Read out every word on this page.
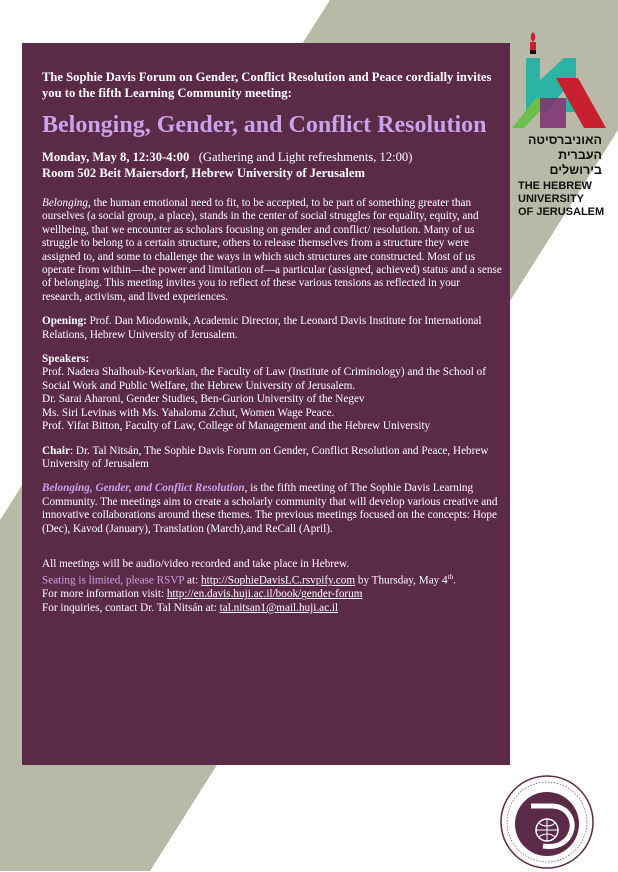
The Sophie Davis Forum on Gender, Conflict Resolution and Peace cordially invites you to the fifth Learning Community meeting:
Belonging, Gender, and Conflict Resolution
Monday, May 8, 12:30-4:00 (Gathering and Light refreshments, 12:00)
Room 502 Beit Maiersdorf, Hebrew University of Jerusalem

Belonging, the human emotional need to fit, to be accepted, to be part of something greater than ourselves (a social group, a place), stands in the center of social struggles for equality, equity, and wellbeing, that we encounter as scholars focusing on gender and conflict/ resolution. Many of us struggle to belong to a certain structure, others to release themselves from a structure they were assigned to, and some to challenge the ways in which such structures are constructed. Most of us operate from within—the power and limitation of—a particular (assigned, achieved) status and a sense of belonging. This meeting invites you to reflect of these various tensions as reflected in your research, activism, and lived experiences.

Opening: Prof. Dan Miodownik, Academic Director, the Leonard Davis Institute for International Relations, Hebrew University of Jerusalem.

Speakers:
Prof. Nadera Shalhoub-Kevorkian, the Faculty of Law (Institute of Criminology) and the School of Social Work and Public Welfare, the Hebrew University of Jerusalem.
Dr. Sarai Aharoni, Gender Studies, Ben-Gurion University of the Negev
Ms. Siri Levinas with Ms. Yahaloma Zchut, Women Wage Peace.
Prof. Yifat Bitton, Faculty of Law, College of Management and the Hebrew University

Chair: Dr. Tal Nitsán, The Sophie Davis Forum on Gender, Conflict Resolution and Peace, Hebrew University of Jerusalem

Belonging, Gender, and Conflict Resolution, is the fifth meeting of The Sophie Davis Learning Community. The meetings aim to create a scholarly community that will develop various creative and innovative collaborations around these themes. The previous meetings focused on the concepts: Hope (Dec), Kavod (January), Translation (March),and ReCall (April).

All meetings will be audio/video recorded and take place in Hebrew.
Seating is limited, please RSVP at: http://SophieDavisLC.rsvpify.com by Thursday, May 4th.
For more information visit: http://en.davis.huji.ac.il/book/gender-forum
For inquiries, contact Dr. Tal Nitsán at: tal.nitsan1@mail.huji.ac.il
האוניברסיטה
העברית
בירושלים
THE HEBREW
UNIVERSITY
OF JERUSALEM
